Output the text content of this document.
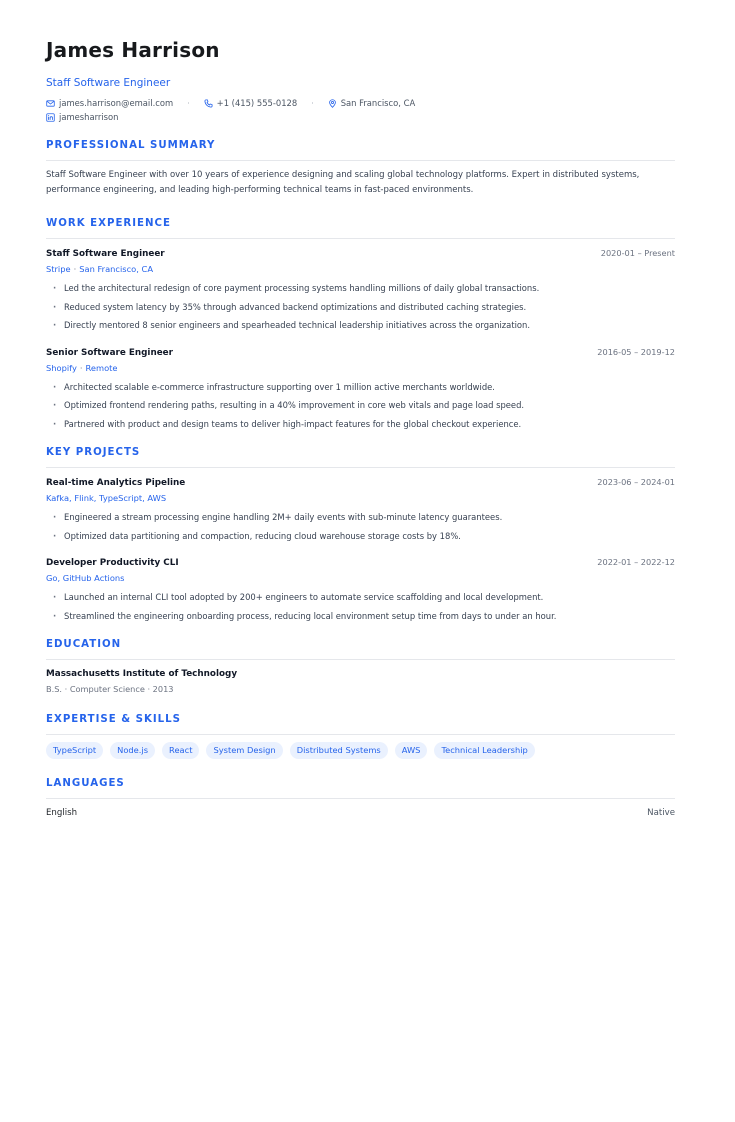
James Harrison
Staff Software Engineer
james.harrison@email.com ·	+1 (415) 555-0128 ·	San Francisco, CA
jamesharrison
PROFESSIONAL SUMMARY

Staff Software Engineer with over 10 years of experience designing and scaling global technology platforms. Expert in distributed systems, performance engineering, and leading high-performing technical teams in fast-paced environments.

WORK EXPERIENCE
Staff Software Engineer	2020-01 – Present
Stripe · San Francisco, CA
· Led the architectural redesign of core payment processing systems handling millions of daily global transactions.
· Reduced system latency by 35% through advanced backend optimizations and distributed caching strategies.
· Directly mentored 8 senior engineers and spearheaded technical leadership initiatives across the organization.
Senior Software Engineer	2016-05 – 2019-12
Shopify · Remote
· Architected scalable e-commerce infrastructure supporting over 1 million active merchants worldwide.
· Optimized frontend rendering paths, resulting in a 40% improvement in core web vitals and page load speed.
· Partnered with product and design teams to deliver high-impact features for the global checkout experience.
KEY PROJECTS
Real-time Analytics Pipeline	2023-06 – 2024-01
Kafka, Flink, TypeScript, AWS
· Engineered a stream processing engine handling 2M+ daily events with sub-minute latency guarantees.
· Optimized data partitioning and compaction, reducing cloud warehouse storage costs by 18%.
Developer Productivity CLI	2022-01 – 2022-12
Go, GitHub Actions
· Launched an internal CLI tool adopted by 200+ engineers to automate service scaffolding and local development.
· Streamlined the engineering onboarding process, reducing local environment setup time from days to under an hour.
EDUCATION
Massachusetts Institute of Technology
B.S. · Computer Science · 2013
EXPERTISE & SKILLS
TypeScript	Node.js	React	System Design	Distributed Systems	AWS	Technical Leadership
LANGUAGES
English	Native
